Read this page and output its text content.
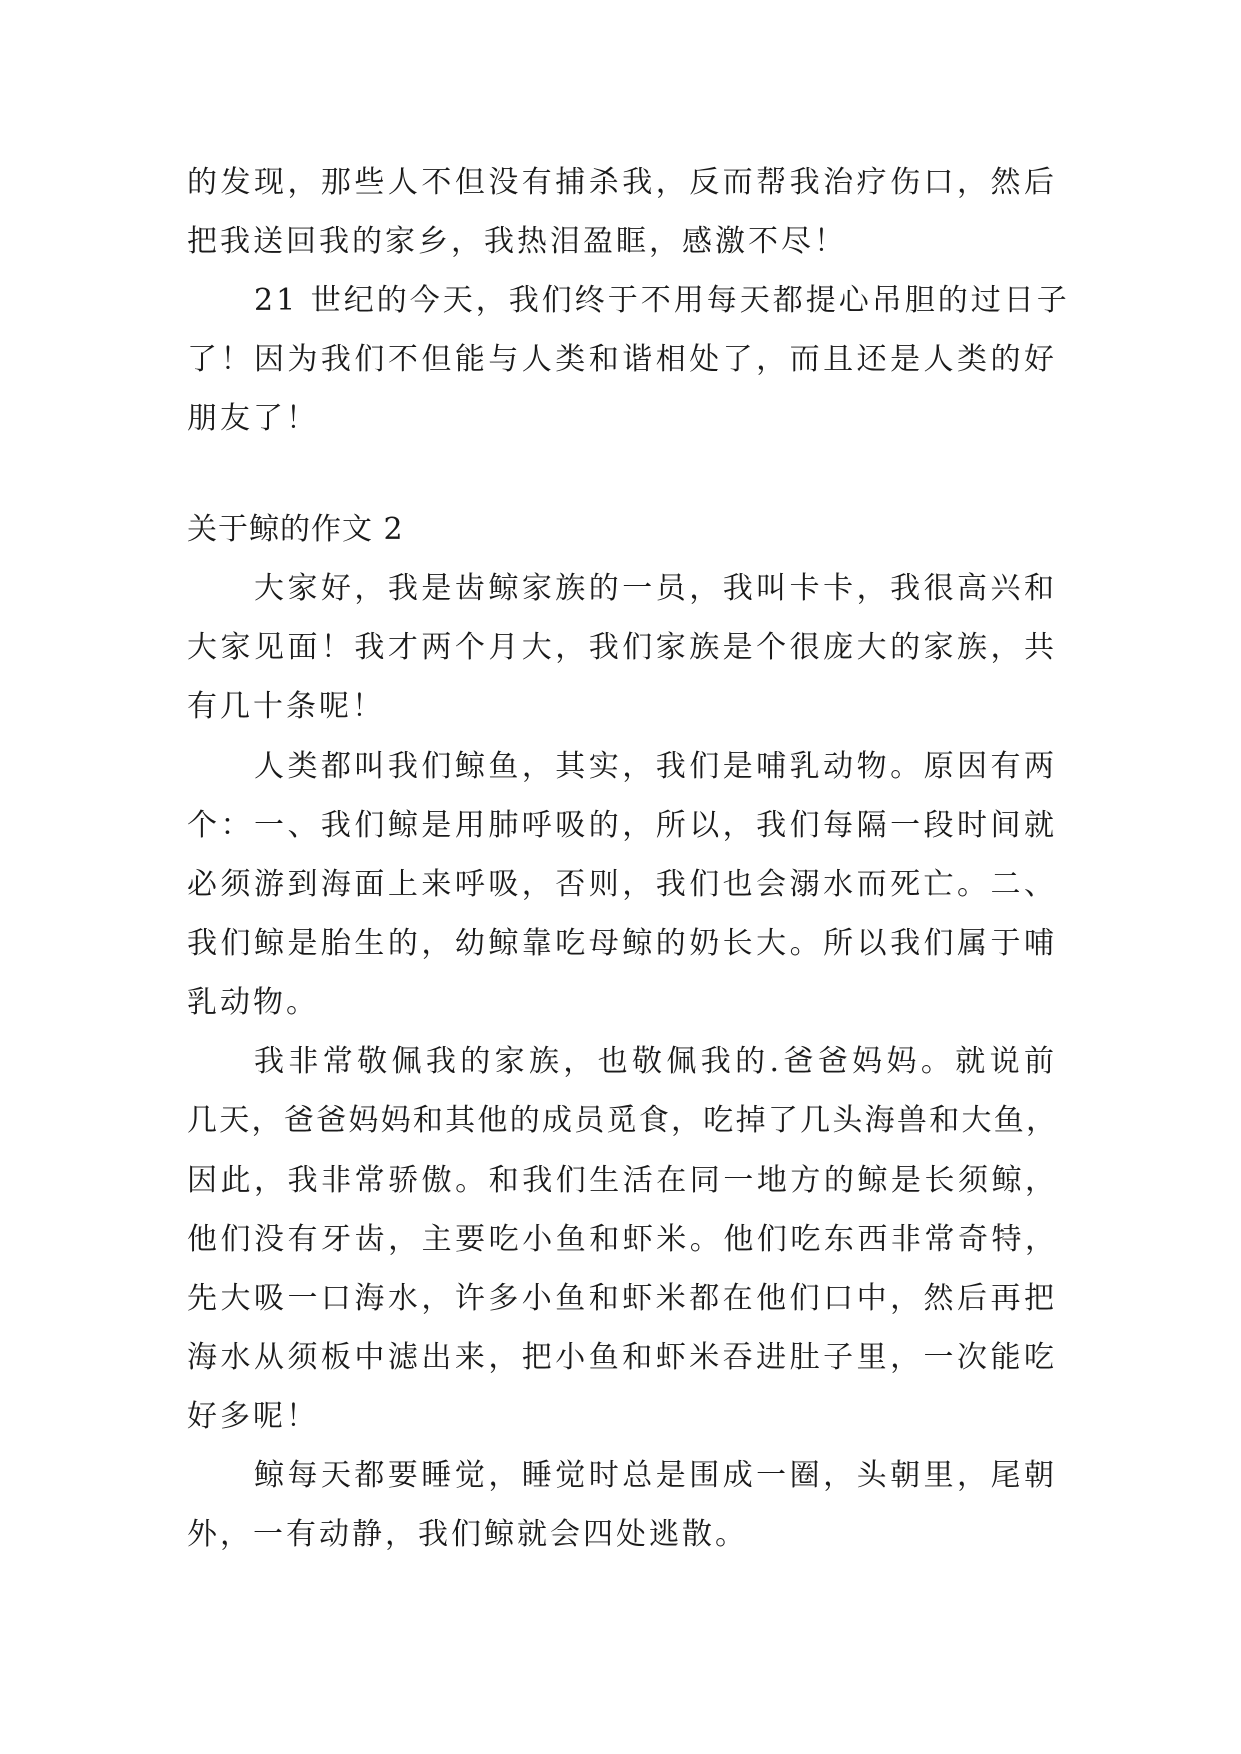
的发现，那些人不但没有捕杀我，反而帮我治疗伤口，然后
把我送回我的家乡，我热泪盈眶，感激不尽！
21 世纪的今天，我们终于不用每天都提心吊胆的过日子
了！因为我们不但能与人类和谐相处了，而且还是人类的好
朋友了！
关于鲸的作文 2
大家好，我是齿鲸家族的一员，我叫卡卡，我很高兴和
大家见面！我才两个月大，我们家族是个很庞大的家族，共
有几十条呢！
人类都叫我们鲸鱼，其实，我们是哺乳动物。原因有两
个：一、我们鲸是用肺呼吸的，所以，我们每隔一段时间就
必须游到海面上来呼吸，否则，我们也会溺水而死亡。二、
我们鲸是胎生的，幼鲸靠吃母鲸的奶长大。所以我们属于哺
乳动物。
我非常敬佩我的家族，也敬佩我的.爸爸妈妈。就说前
几天，爸爸妈妈和其他的成员觅食，吃掉了几头海兽和大鱼，
因此，我非常骄傲。和我们生活在同一地方的鲸是长须鲸，
他们没有牙齿，主要吃小鱼和虾米。他们吃东西非常奇特，
先大吸一口海水，许多小鱼和虾米都在他们口中，然后再把
海水从须板中滤出来，把小鱼和虾米吞进肚子里，一次能吃
好多呢！
鲸每天都要睡觉，睡觉时总是围成一圈，头朝里，尾朝
外，一有动静，我们鲸就会四处逃散。
